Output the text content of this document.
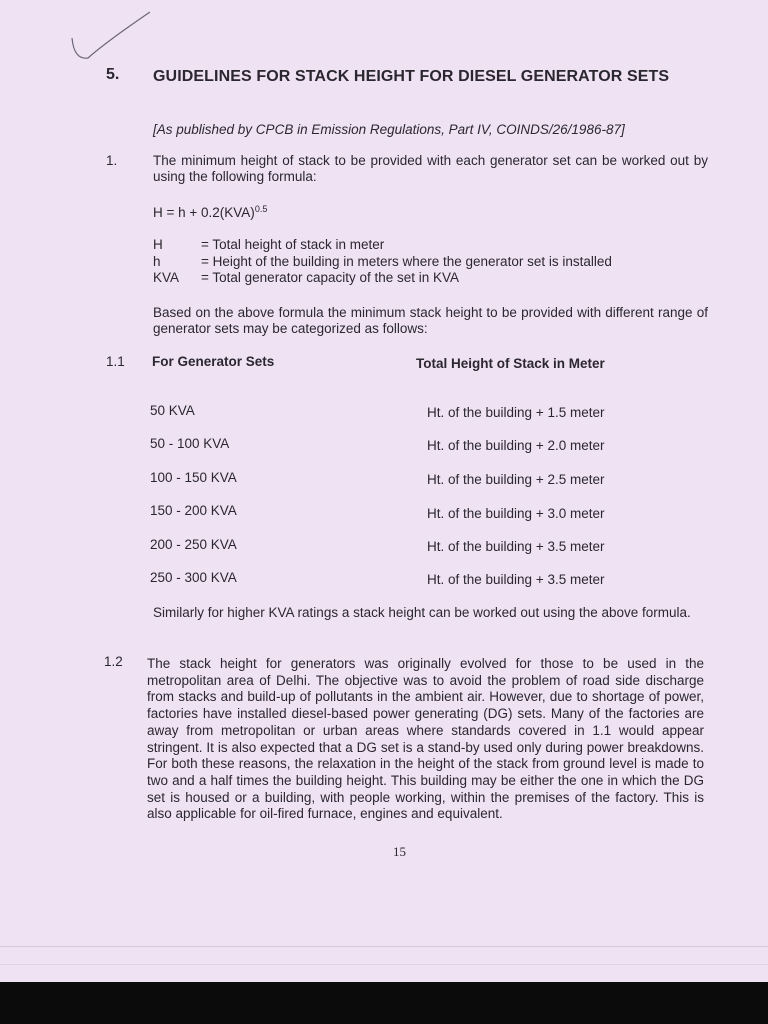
5. GUIDELINES FOR STACK HEIGHT FOR DIESEL GENERATOR SETS
[As published by CPCB in Emission Regulations, Part IV, COINDS/26/1986-87]
1.	The minimum height of stack to be provided with each generator set can be worked out by using the following formula:
H = h + 0.2(KVA)$^{0.5}$
H	= Total height of stack in meter
h	= Height of the building in meters where the generator set is installed
KVA = Total generator capacity of the set in KVA
Based on the above formula the minimum stack height to be provided with different range of generator sets may be categorized as follows:
1.1 For Generator Sets	Total Height of Stack in Meter
50 KVA	Ht. of the building + 1.5 meter
50 - 100 KVA	Ht. of the building + 2.0 meter
100 - 150 KVA	Ht. of the building + 2.5 meter
150 - 200 KVA	Ht. of the building + 3.0 meter
200 - 250 KVA	Ht. of the building + 3.5 meter
250 - 300 KVA	Ht. of the building + 3.5 meter
Similarly for higher KVA ratings a stack height can be worked out using the above formula.
1.2 The stack height for generators was originally evolved for those to be used in the metropolitan area of Delhi. The objective was to avoid the problem of road side discharge from stacks and build-up of pollutants in the ambient air. However, due to shortage of power, factories have installed diesel-based power generating (DG) sets. Many of the factories are away from metropolitan or urban areas where standards covered in 1.1 would appear stringent. It is also expected that a DG set is a stand-by used only during power breakdowns. For both these reasons, the relaxation in the height of the stack from ground level is made to two and a half times the building height. This building may be either the one in which the DG set is housed or a building, with people working, within the premises of the factory. This is also applicable for oil-fired furnace, engines and equivalent.
15
